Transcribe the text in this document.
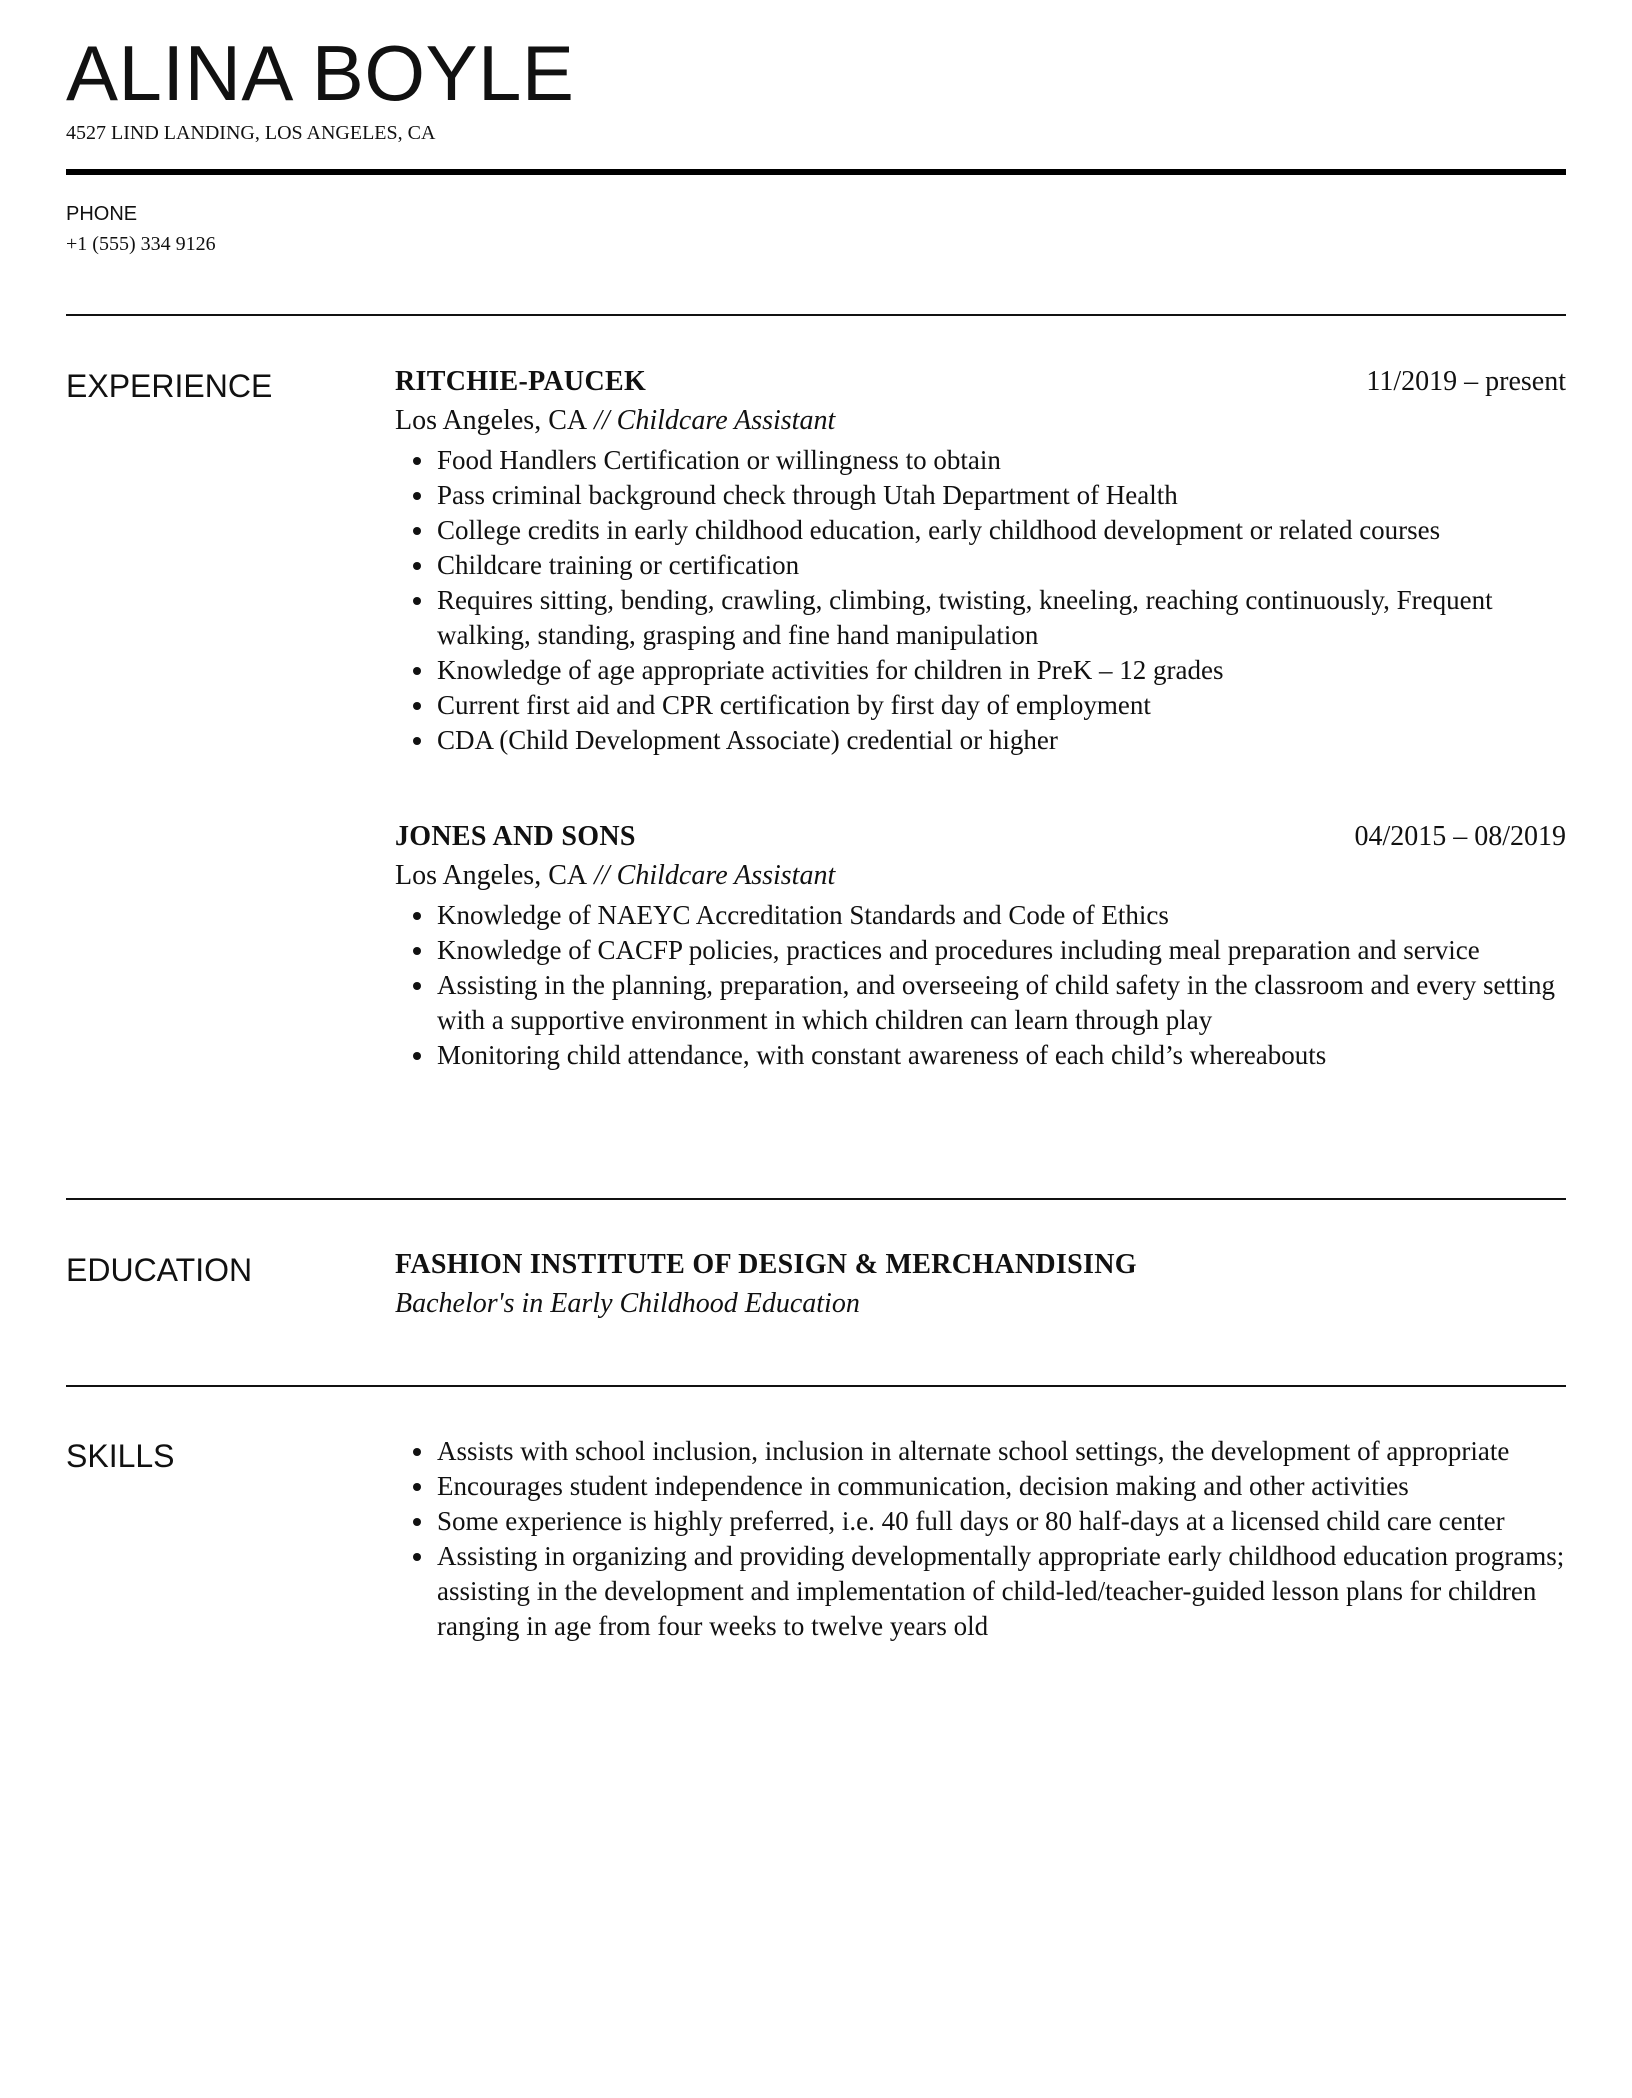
ALINA BOYLE
4527 LIND LANDING, LOS ANGELES, CA
PHONE
+1 (555) 334 9126
EXPERIENCE	RITCHIE-PAUCEK	11/2019 – present
Los Angeles, CA // Childcare Assistant
Food Handlers Certification or willingness to obtain
Pass criminal background check through Utah Department of Health
College credits in early childhood education, early childhood development or related courses
Childcare training or certification
Requires sitting, bending, crawling, climbing, twisting, kneeling, reaching continuously, Frequent walking, standing, grasping and fine hand manipulation
Knowledge of age appropriate activities for children in PreK – 12 grades
Current first aid and CPR certification by first day of employment
CDA (Child Development Associate) credential or higher
JONES AND SONS	04/2015 – 08/2019
Los Angeles, CA // Childcare Assistant
Knowledge of NAEYC Accreditation Standards and Code of Ethics
Knowledge of CACFP policies, practices and procedures including meal preparation and service
Assisting in the planning, preparation, and overseeing of child safety in the classroom and every setting with a supportive environment in which children can learn through play
Monitoring child attendance, with constant awareness of each child’s whereabouts
EDUCATION	FASHION INSTITUTE OF DESIGN & MERCHANDISING
Bachelor's in Early Childhood Education
SKILLS	Assists with school inclusion, inclusion in alternate school settings, the development of appropriate
Encourages student independence in communication, decision making and other activities
Some experience is highly preferred, i.e. 40 full days or 80 half-days at a licensed child care center
Assisting in organizing and providing developmentally appropriate early childhood education programs; assisting in the development and implementation of child-led/teacher-guided lesson plans for children ranging in age from four weeks to twelve years old
